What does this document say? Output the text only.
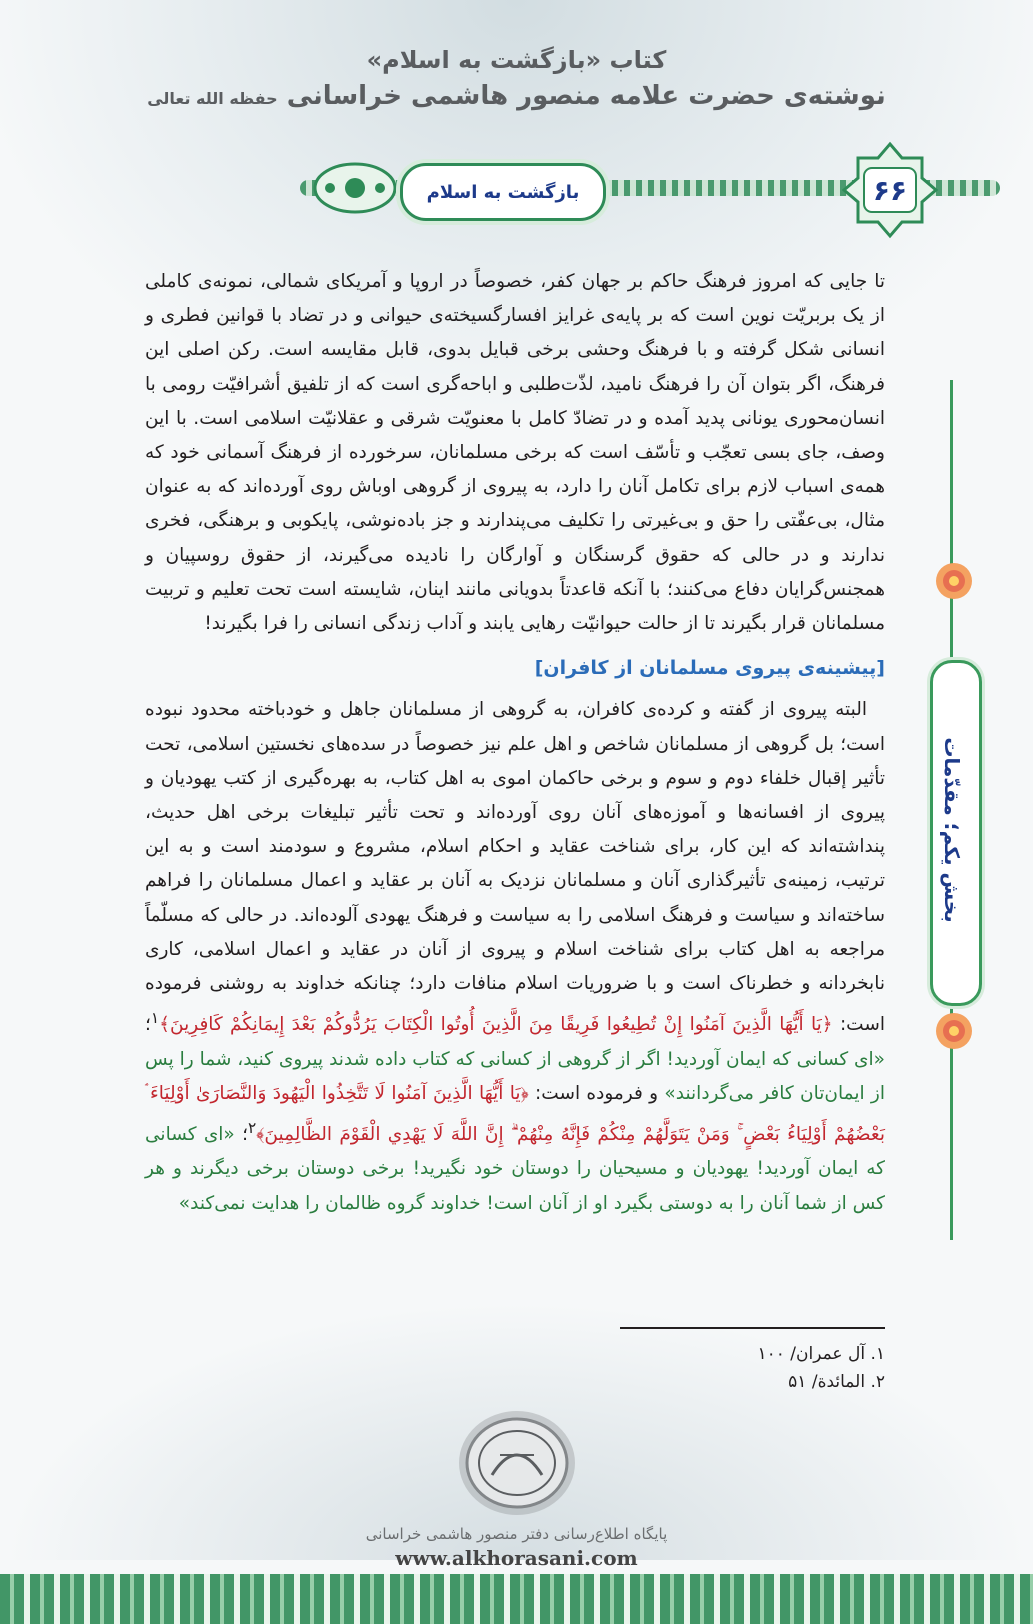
کتاب «بازگشت به اسلام»
نوشته‌ی حضرت علامه منصور هاشمی خراسانی حفظه الله تعالی
بازگشت به اسلام	۶۶

تا جایی که امروز فرهنگ حاکم بر جهان کفر، خصوصاً در اروپا و آمریکای شمالی، نمونه‌ی کاملی از یک بربریّت نوین است که بر پایه‌ی غرایز افسارگسیخته‌ی حیوانی و در تضاد با قوانین فطری و انسانی شکل گرفته و با فرهنگ وحشی برخی قبایل بدوی، قابل مقایسه است. رکن اصلی این فرهنگ، اگر بتوان آن را فرهنگ نامید، لذّت‌طلبی و اباحه‌گری است که از تلفیق أشرافیّت رومی با انسان‌محوری یونانی پدید آمده و در تضادّ کامل با معنویّت شرقی و عقلانیّت اسلامی است. با این وصف، جای بسی تعجّب و تأسّف است که برخی مسلمانان، سرخورده از فرهنگ آسمانی خود که همه‌ی اسباب لازم برای تکامل آنان را دارد، به پیروی از گروهی اوباش روی آورده‌اند که به عنوان مثال، بی‌عفّتی را حق و بی‌غیرتی را تکلیف می‌پندارند و جز باده‌نوشی، پایکوبی و برهنگی، فخری ندارند و در حالی که حقوق گرسنگان و آوارگان را نادیده می‌گیرند، از حقوق روسپیان و همجنس‌گرایان دفاع می‌کنند؛ با آنکه قاعدتاً بدویانی مانند اینان، شایسته است تحت تعلیم و تربیت مسلمانان قرار بگیرند تا از حالت حیوانیّت رهایی یابند و آداب زندگی انسانی را فرا بگیرند!

[پیشینه‌ی پیروی مسلمانان از کافران]

البته پیروی از گفته و کرده‌ی کافران، به گروهی از مسلمانان جاهل و خودباخته محدود نبوده است؛ بل گروهی از مسلمانان شاخص و اهل علم نیز خصوصاً در سده‌های نخستین اسلامی، تحت تأثیر إقبال خلفاء دوم و سوم و برخی حاکمان اموی به اهل کتاب، به بهره‌گیری از کتب یهودیان و پیروی از افسانه‌ها و آموزه‌های آنان روی آورده‌اند و تحت تأثیر تبلیغات برخی اهل حدیث، پنداشته‌اند که این کار، برای شناخت عقاید و احکام اسلام، مشروع و سودمند است و به این ترتیب، زمینه‌ی تأثیرگذاری آنان و مسلمانان نزدیک به آنان بر عقاید و اعمال مسلمانان را فراهم ساخته‌اند و سیاست و فرهنگ اسلامی را به سیاست و فرهنگ یهودی آلوده‌اند. در حالی که مسلّماً مراجعه به اهل کتاب برای شناخت اسلام و پیروی از آنان در عقاید و اعمال اسلامی، کاری نابخردانه و خطرناک است و با ضروریات اسلام منافات دارد؛ چنانکه خداوند به روشنی فرموده است: ﴿يَا أَيُّهَا الَّذِينَ آمَنُوا إِنْ تُطِيعُوا فَرِيقًا مِنَ الَّذِينَ أُوتُوا الْكِتَابَ يَرُدُّوكُمْ بَعْدَ إِيمَانِكُمْ كَافِرِينَ﴾$^۱$؛ «ای کسانی که ایمان آوردید! اگر از گروهی از کسانی که کتاب داده شدند پیروی کنید، شما را پس از ایمان‌تان کافر می‌گردانند» و فرموده است: ﴿يَا أَيُّهَا الَّذِينَ آمَنُوا لَا تَتَّخِذُوا الْيَهُودَ وَالنَّصَارَىٰ أَوْلِيَاءَ ۘ بَعْضُهُمْ أَوْلِيَاءُ بَعْضٍ ۚ وَمَنْ يَتَوَلَّهُمْ مِنْكُمْ فَإِنَّهُ مِنْهُمْ ۗ إِنَّ اللَّهَ لَا يَهْدِي الْقَوْمَ الظَّالِمِينَ﴾$^۲$؛ «ای کسانی که ایمان آوردید! یهودیان و مسیحیان را دوستان خود نگیرید! برخی دوستان برخی دیگرند و هر کس از شما آنان را به دوستی بگیرد او از آنان است! خداوند گروه ظالمان را هدایت نمی‌کند»

۱. آل عمران/ ۱۰۰
۲. المائدة/ ۵۱
بخش یکم؛ مقدّمات
پایگاه اطلاع‌رسانی دفتر منصور هاشمی خراسانی
www.alkhorasani.com
